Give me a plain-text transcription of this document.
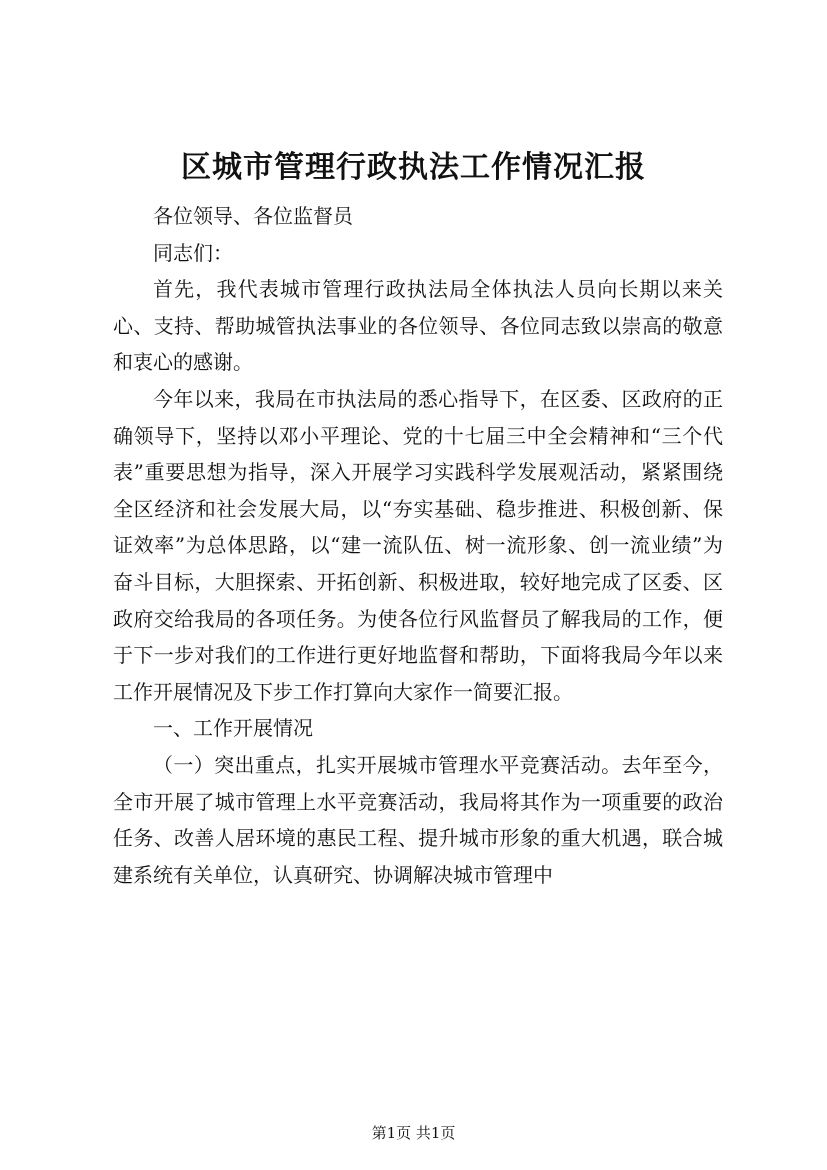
区城市管理行政执法工作情况汇报

各位领导、各位监督员

同志们：

首先，我代表城市管理行政执法局全体执法人员向长期以来关心、支持、帮助城管执法事业的各位领导、各位同志致以崇高的敬意和衷心的感谢。

今年以来，我局在市执法局的悉心指导下，在区委、区政府的正确领导下，坚持以邓小平理论、党的十七届三中全会精神和“三个代表”重要思想为指导，深入开展学习实践科学发展观活动，紧紧围绕全区经济和社会发展大局，以“夯实基础、稳步推进、积极创新、保证效率”为总体思路，以“建一流队伍、树一流形象、创一流业绩”为奋斗目标，大胆探索、开拓创新、积极进取，较好地完成了区委、区政府交给我局的各项任务。为使各位行风监督员了解我局的工作，便于下一步对我们的工作进行更好地监督和帮助，下面将我局今年以来工作开展情况及下步工作打算向大家作一简要汇报。

一、工作开展情况

（一）突出重点，扎实开展城市管理水平竞赛活动。去年至今，全市开展了城市管理上水平竞赛活动，我局将其作为一项重要的政治任务、改善人居环境的惠民工程、提升城市形象的重大机遇，联合城建系统有关单位，认真研究、协调解决城市管理中

第1页 共1页
